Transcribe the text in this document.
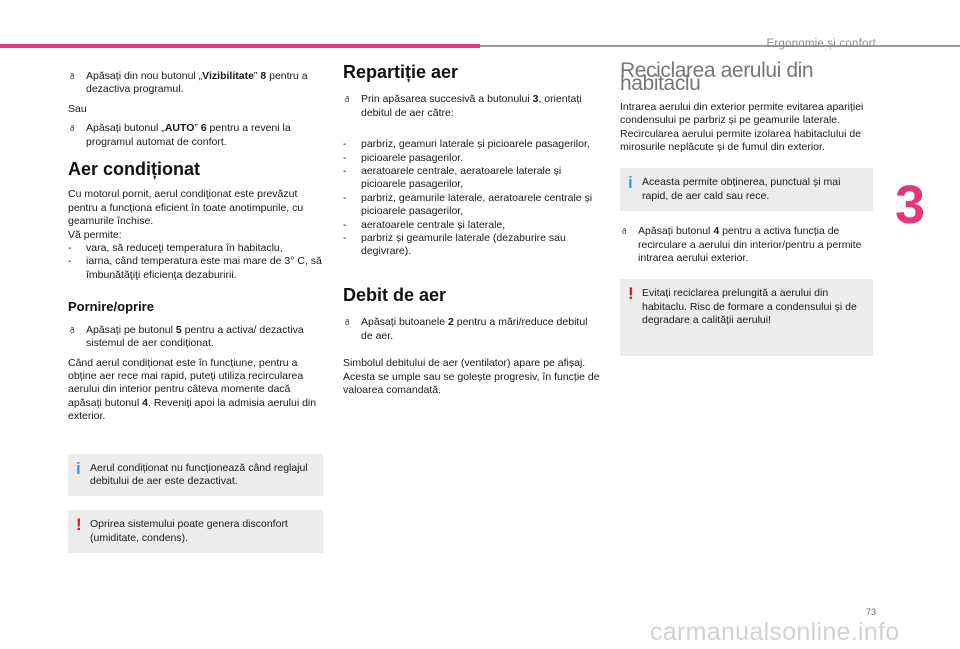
Ergonomie și confort
3

ð Apăsați din nou butonul „Vizibilitate” 8 pentru a dezactiva programul.

Sau

ð Apăsați butonul „AUTO” 6 pentru a reveni la programul automat de confort.

Aer condiționat

Cu motorul pornit, aerul condiţionat este prevăzut pentru a funcționa eficient în toate anotimpurile, cu geamurile închise.

Vă permite:

- vara, să reduceţi temperatura în habitaclu,
- iarna, când temperatura este mai mare de 3° C, să îmbunătăţiţi eficienţa dezaburirii.
Pornire/oprire

ð Apăsați pe butonul 5 pentru a activa/ dezactiva sistemul de aer condiționat.

Când aerul condiționat este în funcțiune, pentru a obține aer rece mai rapid, puteți utiliza recircularea aerului din interior pentru câteva momente dacă apăsați butonul 4. Reveniți apoi la admisia aerului din exterior.

i Aerul condiționat nu funcționează când reglajul debitului de aer este dezactivat.
! Oprirea sistemului poate genera disconfort (umiditate, condens).
Repartiție aer

ð Prin apăsarea succesivă a butonului 3, orientați debitul de aer către:

- parbriz, geamuri laterale și picioarele pasagerilor,
- picioarele pasagerilor.
- aeratoarele centrale, aeratoarele laterale și picioarele pasagerilor,
- parbriz, geamurile laterale, aeratoarele centrale și picioarele pasagerilor,
- aeratoarele centrale și laterale,
- parbriz și geamurile laterale (dezaburire sau degivrare).
Debit de aer

ð Apăsați butoanele 2 pentru a mări/reduce debitul de aer.

Simbolul debitului de aer (ventilator) apare pe afișaj. Acesta se umple sau se golește progresiv, în funcție de valoarea comandată.

Reciclarea aerului din habitaclu

Intrarea aerului din exterior permite evitarea apariției condensului pe parbriz și pe geamurile laterale.
Recircularea aerului permite izolarea habitaclului de mirosurile neplăcute și de fumul din exterior.

i Aceasta permite obținerea, punctual și mai rapid, de aer cald sau rece.

ð Apăsați butonul 4 pentru a activa funcția de recirculare a aerului din interior/pentru a permite intrarea aerului exterior.

! Evitați reciclarea prelungită a aerului din habitaclu. Risc de formare a condensului și de degradare a calității aerului!
73
carmanualsonline.info
